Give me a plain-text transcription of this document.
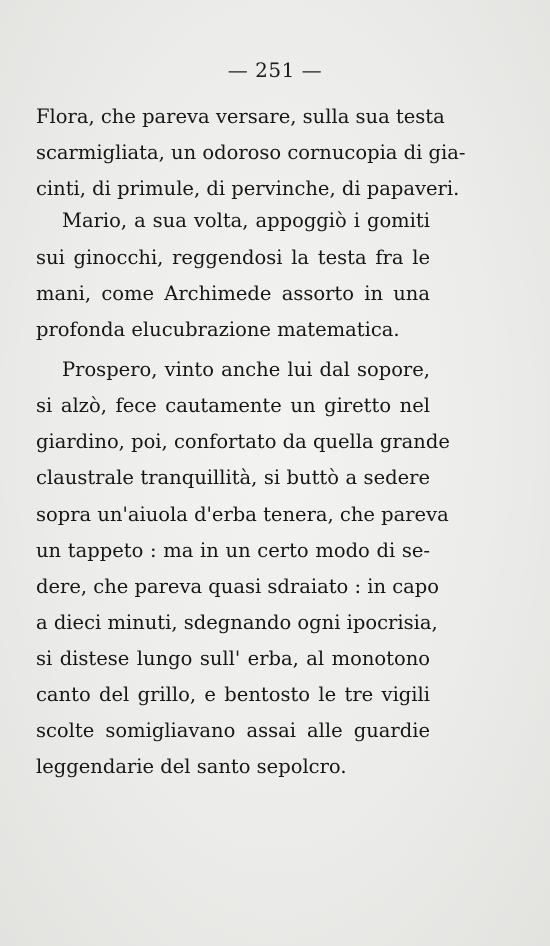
— 251 —
Flora, che pareva versare, sulla sua testa
scarmigliata, un odoroso cornucopia di gia-
cinti, di primule, di pervinche, di papaveri.
Mario, a sua volta, appoggiò i gomiti
sui ginocchi, reggendosi la testa fra le
mani, come Archimede assorto in una
profonda elucubrazione matematica.
Prospero, vinto anche lui dal sopore,
si alzò, fece cautamente un giretto nel
giardino, poi, confortato da quella grande
claustrale tranquillità, si buttò a sedere
sopra un'aiuola d'erba tenera, che pareva
un tappeto : ma in un certo modo di se-
dere, che pareva quasi sdraiato : in capo
a dieci minuti, sdegnando ogni ipocrisia,
si distese lungo sull' erba, al monotono
canto del grillo, e bentosto le tre vigili
scolte somigliavano assai alle guardie
leggendarie del santo sepolcro.
